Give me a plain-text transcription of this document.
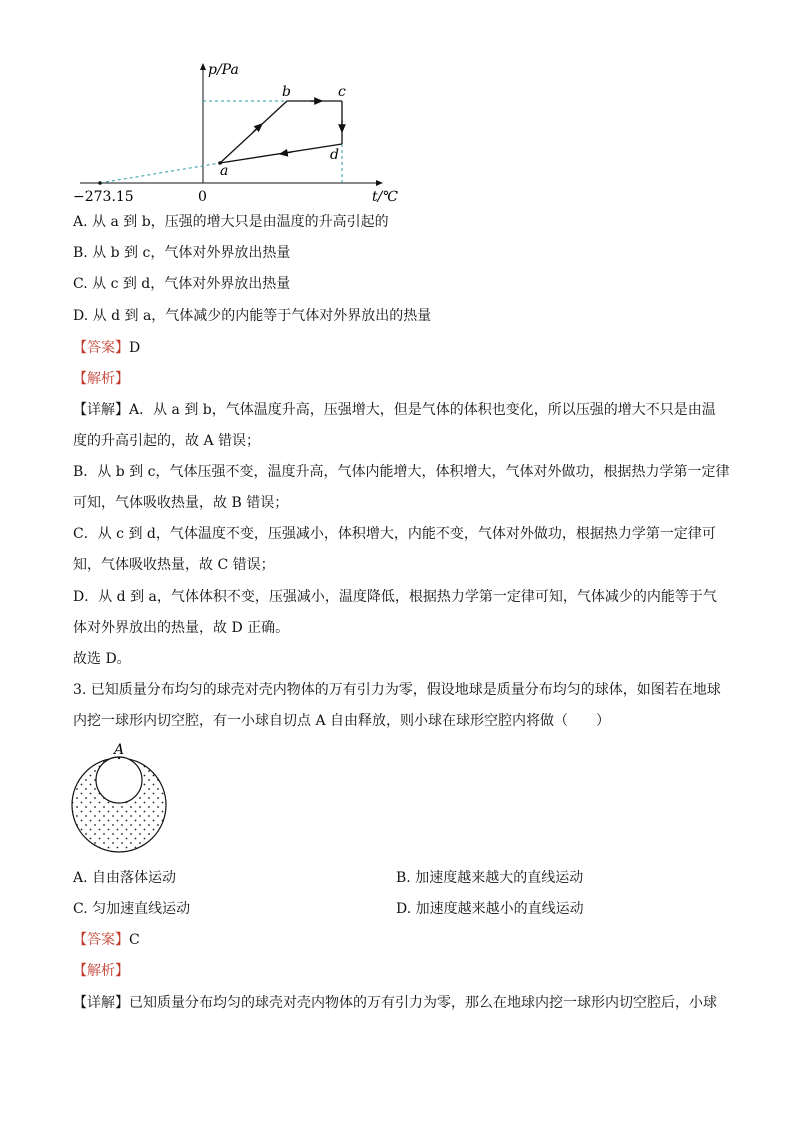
p/Pa
t/℃
0
−273.15
a
b	c
d
A. 从 a 到 b，压强的增大只是由温度的升高引起的
B. 从 b 到 c，气体对外界放出热量
C. 从 c 到 d，气体对外界放出热量
D. 从 d 到 a，气体减少的内能等于气体对外界放出的热量
【答案】D
【解析】
【详解】A．从 a 到 b，气体温度升高，压强增大，但是气体的体积也变化，所以压强的增大不只是由温
度的升高引起的，故 A 错误；
B．从 b 到 c，气体压强不变，温度升高，气体内能增大，体积增大，气体对外做功，根据热力学第一定律
可知，气体吸收热量，故 B 错误；
C．从 c 到 d，气体温度不变，压强减小，体积增大，内能不变，气体对外做功，根据热力学第一定律可
知，气体吸收热量，故 C 错误；
D．从 d 到 a，气体体积不变，压强减小，温度降低，根据热力学第一定律可知，气体减少的内能等于气
体对外界放出的热量，故 D 正确。
故选 D。
3. 已知质量分布均匀的球壳对壳内物体的万有引力为零，假设地球是质量分布均匀的球体，如图若在地球
内挖一球形内切空腔，有一小球自切点 A 自由释放，则小球在球形空腔内将做（　　）
A
A. 自由落体运动	B. 加速度越来越大的直线运动
C. 匀加速直线运动	D. 加速度越来越小的直线运动
【答案】C
【解析】
【详解】已知质量分布均匀的球壳对壳内物体的万有引力为零，那么在地球内挖一球形内切空腔后，小球
